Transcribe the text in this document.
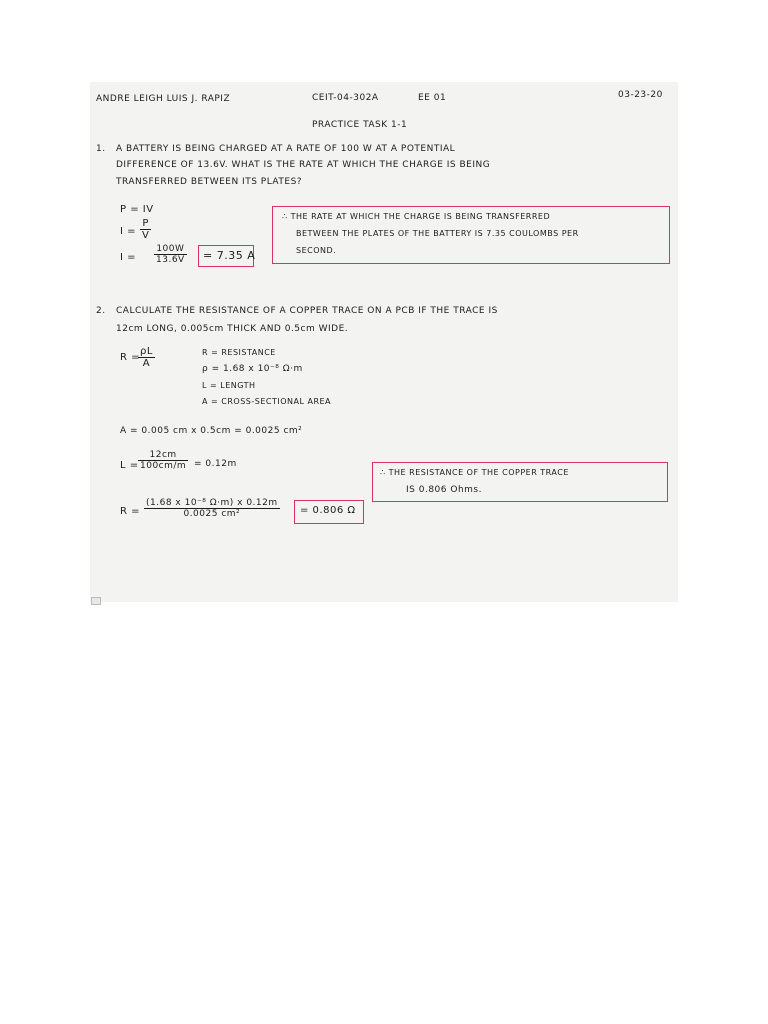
ANDRE LEIGH LUIS J. RAPIZ	CEIT-04-302A	EE 01	03-23-20
PRACTICE TASK 1-1
1. A BATTERY IS BEING CHARGED AT A RATE OF 100 W AT A POTENTIAL
DIFFERENCE OF 13.6V. WHAT IS THE RATE AT WHICH THE CHARGE IS BEING
TRANSFERRED BETWEEN ITS PLATES?
P = IV
$I = \frac{P}{V}$
$I = \frac{100W}{13.6V} = 7.35$ A
∴ THE RATE AT WHICH THE CHARGE IS BEING TRANSFERRED
BETWEEN THE PLATES OF THE BATTERY IS 7.35 COULOMBS PER
SECOND.
2. CALCULATE THE RESISTANCE OF A COPPER TRACE ON A PCB IF THE TRACE IS
12cm LONG, 0.005cm THICK AND 0.5cm WIDE.
R =
$\frac{\rho L}{A}$	R = RESISTANCE
ρ = 1.68 x 10⁻⁸ Ω·m
L = LENGTH
A = CROSS-SECTIONAL AREA
A = 0.005 cm x 0.5cm = 0.0025 cm²
$L = \frac{12cm}{100cm/m} = 0.12m$
∴ THE RESISTANCE OF THE COPPER TRACE
IS 0.806 Ohms.
$R = \frac{\text{(1.68 x 10⁻⁸ Ω·m) x 0.12m}}{\text{0.0025 cm²}} = 0.806$ Ω
